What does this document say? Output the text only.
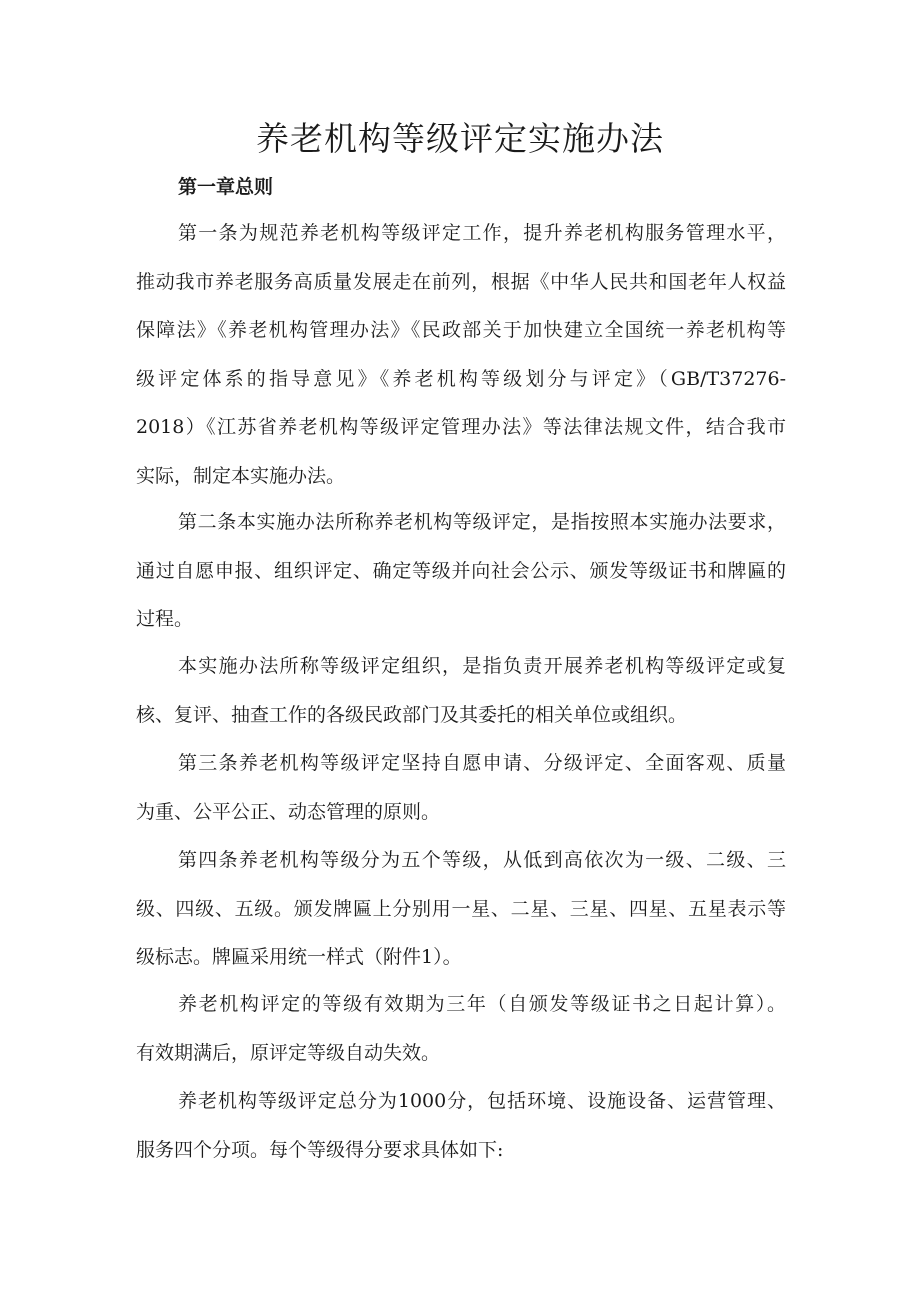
养老机构等级评定实施办法
第一章总则
第一条为规范养老机构等级评定工作，提升养老机构服务管理水平，
推动我市养老服务高质量发展走在前列，根据《中华人民共和国老年人权益
保障法》《养老机构管理办法》《民政部关于加快建立全国统一养老机构等
级评定体系的指导意见》《养老机构等级划分与评定》（GB/T37276-
2018）《江苏省养老机构等级评定管理办法》等法律法规文件，结合我市
实际，制定本实施办法。
第二条本实施办法所称养老机构等级评定，是指按照本实施办法要求，
通过自愿申报、组织评定、确定等级并向社会公示、颁发等级证书和牌匾的
过程。
本实施办法所称等级评定组织，是指负责开展养老机构等级评定或复
核、复评、抽查工作的各级民政部门及其委托的相关单位或组织。
第三条养老机构等级评定坚持自愿申请、分级评定、全面客观、质量
为重、公平公正、动态管理的原则。
第四条养老机构等级分为五个等级，从低到高依次为一级、二级、三
级、四级、五级。颁发牌匾上分别用一星、二星、三星、四星、五星表示等
级标志。牌匾采用统一样式（附件1）。
养老机构评定的等级有效期为三年（自颁发等级证书之日起计算）。
有效期满后，原评定等级自动失效。
养老机构等级评定总分为1000分，包括环境、设施设备、运营管理、
服务四个分项。每个等级得分要求具体如下:
